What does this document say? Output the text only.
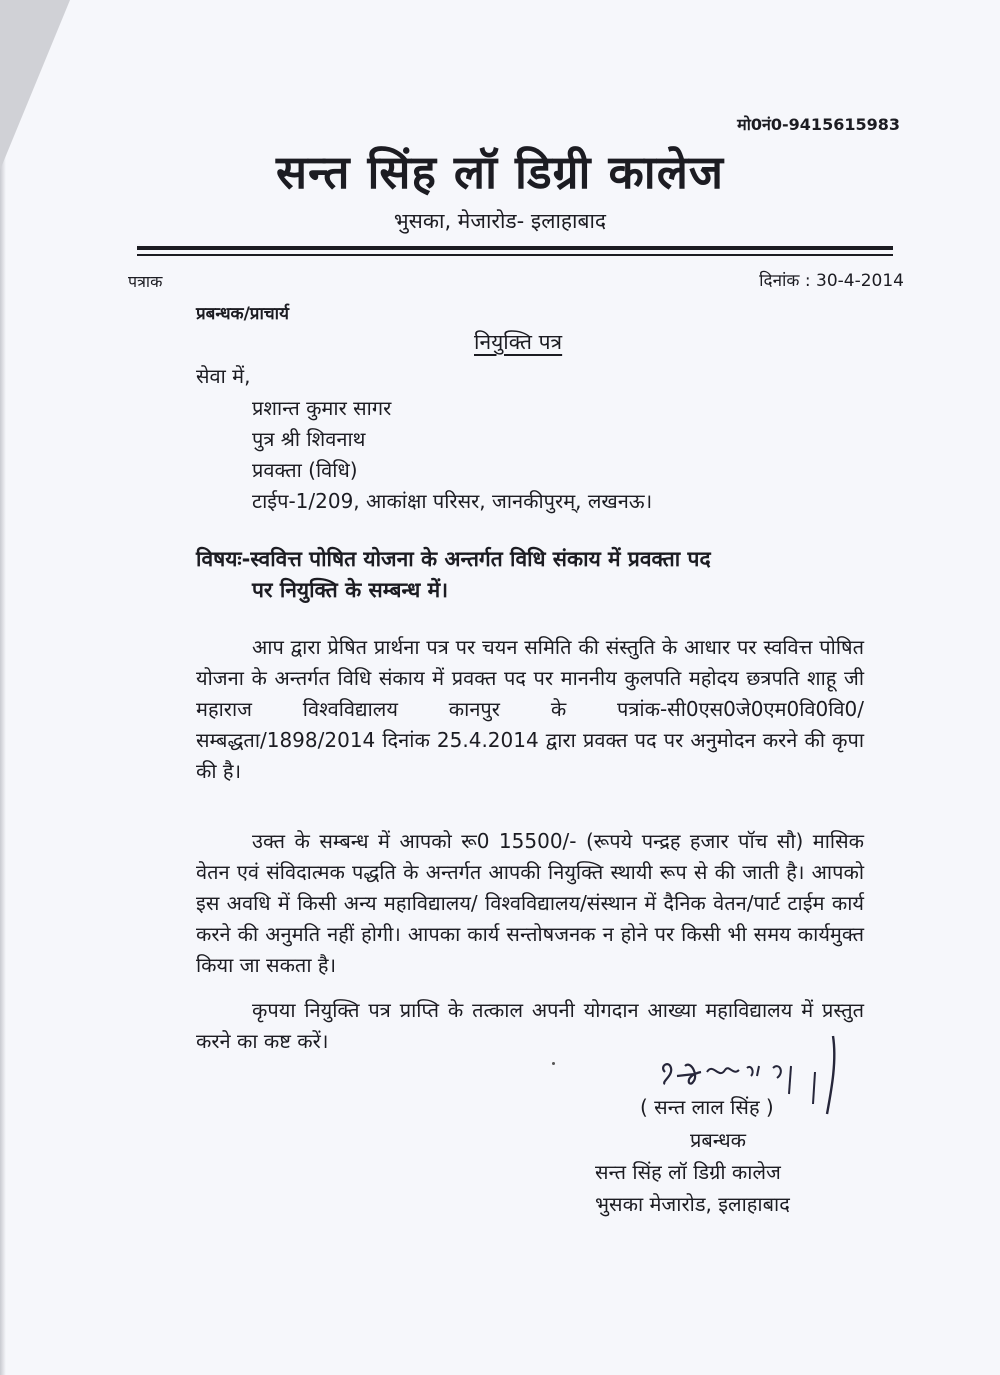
मो0नं0-9415615983
सन्त सिंह लॉ डिग्री कालेज
भुसका, मेजारोड- इलाहाबाद
पत्राक	दिनांक : 30-4-2014
प्रबन्धक/प्राचार्य
नियुक्ति पत्र
सेवा में,
प्रशान्त कुमार सागर
पुत्र श्री शिवनाथ
प्रवक्ता (विधि)
टाईप-1/209, आकांक्षा परिसर, जानकीपुरम्, लखनऊ।
विषयः-स्ववित्त पोषित योजना के अन्तर्गत विधि संकाय में प्रवक्ता पद
पर नियुक्ति के सम्बन्ध में।
आप द्वारा प्रेषित प्रार्थना पत्र पर चयन समिति की संस्तुति के आधार पर स्ववित्त पोषित योजना के अन्तर्गत विधि संकाय में प्रवक्त पद पर माननीय कुलपति महोदय छत्रपति शाहू जी महाराज विश्वविद्यालय कानपुर के पत्रांक-सी0एस0जे0एम0वि0वि0/ सम्बद्धता/1898/2014 दिनांक 25.4.2014 द्वारा प्रवक्त पद पर अनुमोदन करने की कृपा की है।
उक्त के सम्बन्ध में आपको रू0 15500/- (रूपये पन्द्रह हजार पॉच सौ) मासिक वेतन एवं संविदात्मक पद्धति के अन्तर्गत आपकी नियुक्ति स्थायी रूप से की जाती है। आपको इस अवधि में किसी अन्य महाविद्यालय/ विश्वविद्यालय/संस्थान में दैनिक वेतन/पार्ट टाईम कार्य करने की अनुमति नहीं होगी। आपका कार्य सन्तोषजनक न होने पर किसी भी समय कार्यमुक्त किया जा सकता है।
कृपया नियुक्ति पत्र प्राप्ति के तत्काल अपनी योगदान आख्या महाविद्यालय में प्रस्तुत करने का कष्ट करें।
( सन्त लाल सिंह )
प्रबन्धक
सन्त सिंह लॉ डिग्री कालेज
भुसका मेजारोड, इलाहाबाद
